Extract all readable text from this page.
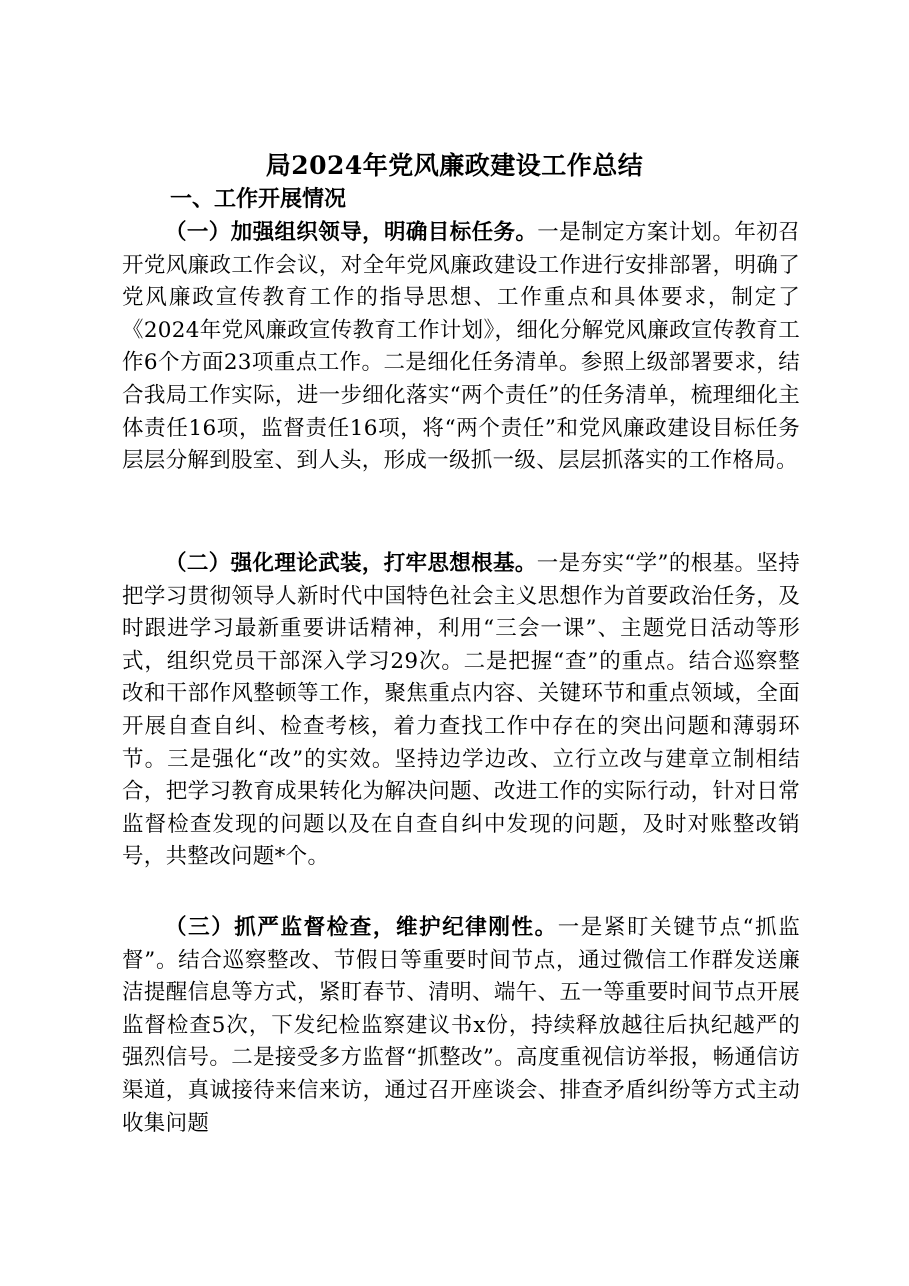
局2024年党风廉政建设工作总结
一、工作开展情况

（一）加强组织领导，明确目标任务。一是制定方案计划。年初召开党风廉政工作会议，对全年党风廉政建设工作进行安排部署，明确了党风廉政宣传教育工作的指导思想、工作重点和具体要求，制定了《2024年党风廉政宣传教育工作计划》，细化分解党风廉政宣传教育工作6个方面23项重点工作。二是细化任务清单。参照上级部署要求，结合我局工作实际，进一步细化落实“两个责任”的任务清单，梳理细化主体责任16项，监督责任16项，将“两个责任”和党风廉政建设目标任务层层分解到股室、到人头，形成一级抓一级、层层抓落实的工作格局。

（二）强化理论武装，打牢思想根基。一是夯实“学”的根基。坚持把学习贯彻领导人新时代中国特色社会主义思想作为首要政治任务，及时跟进学习最新重要讲话精神，利用“三会一课”、主题党日活动等形式，组织党员干部深入学习29次。二是把握“查”的重点。结合巡察整改和干部作风整顿等工作，聚焦重点内容、关键环节和重点领域，全面开展自查自纠、检查考核，着力查找工作中存在的突出问题和薄弱环节。三是强化“改”的实效。坚持边学边改、立行立改与建章立制相结合，把学习教育成果转化为解决问题、改进工作的实际行动，针对日常监督检查发现的问题以及在自查自纠中发现的问题，及时对账整改销号，共整改问题*个。

（三）抓严监督检查，维护纪律刚性。一是紧盯关键节点“抓监督”。结合巡察整改、节假日等重要时间节点，通过微信工作群发送廉洁提醒信息等方式，紧盯春节、清明、端午、五一等重要时间节点开展监督检查5次，下发纪检监察建议书x份，持续释放越往后执纪越严的强烈信号。二是接受多方监督“抓整改”。高度重视信访举报，畅通信访渠道，真诚接待来信来访，通过召开座谈会、排查矛盾纠纷等方式主动收集问题
